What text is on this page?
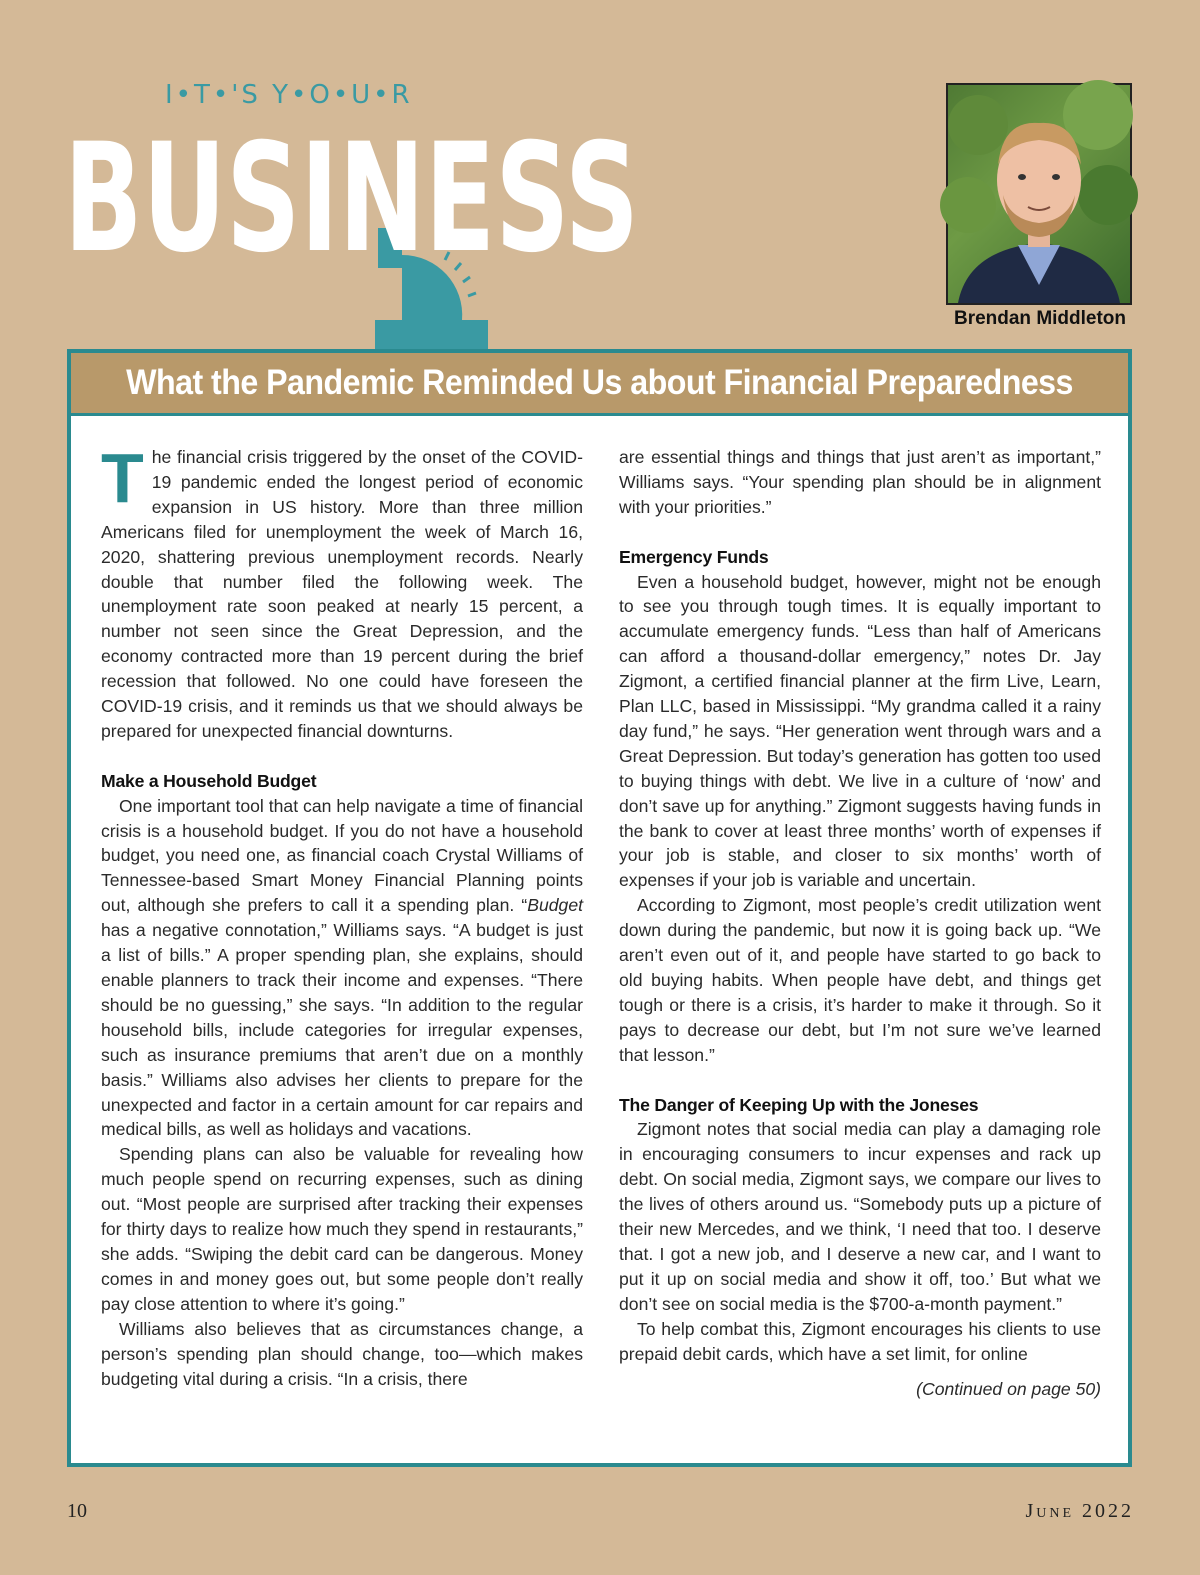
I•T•'S Y•O•U•R
BUSINESS
Brendan Middleton
What the Pandemic Reminded Us about Financial Preparedness

The financial crisis triggered by the onset of the COVID-19 pandemic ended the longest period of economic expansion in US history. More than three million Americans filed for unemployment the week of March 16, 2020, shattering previous unemployment records. Nearly double that number filed the following week. The unemployment rate soon peaked at nearly 15 percent, a number not seen since the Great Depression, and the economy contracted more than 19 percent during the brief recession that followed. No one could have foreseen the COVID-19 crisis, and it reminds us that we should always be prepared for unexpected financial downturns.

Make a Household Budget

One important tool that can help navigate a time of financial crisis is a household budget. If you do not have a household budget, you need one, as financial coach Crystal Williams of Tennessee-based Smart Money Financial Planning points out, although she prefers to call it a spending plan. “Budget has a negative connotation,” Williams says. “A budget is just a list of bills.” A proper spending plan, she explains, should enable planners to track their income and expenses. “There should be no guessing,” she says. “In addition to the regular household bills, include categories for irregular expenses, such as insurance premiums that aren’t due on a monthly basis.” Williams also advises her clients to prepare for the unexpected and factor in a certain amount for car repairs and medical bills, as well as holidays and vacations.

Spending plans can also be valuable for revealing how much people spend on recurring expenses, such as dining out. “Most people are surprised after tracking their expenses for thirty days to realize how much they spend in restaurants,” she adds. “Swiping the debit card can be dangerous. Money comes in and money goes out, but some people don’t really pay close attention to where it’s going.”

Williams also believes that as circumstances change, a person’s spending plan should change, too—which makes budgeting vital during a crisis. “In a crisis, there

are essential things and things that just aren’t as important,” Williams says. “Your spending plan should be in alignment with your priorities.”

Emergency Funds

Even a household budget, however, might not be enough to see you through tough times. It is equally important to accumulate emergency funds. “Less than half of Americans can afford a thousand-dollar emergency,” notes Dr. Jay Zigmont, a certified financial planner at the firm Live, Learn, Plan LLC, based in Mississippi. “My grandma called it a rainy day fund,” he says. “Her generation went through wars and a Great Depression. But today’s generation has gotten too used to buying things with debt. We live in a culture of ‘now’ and don’t save up for anything.” Zigmont suggests having funds in the bank to cover at least three months’ worth of expenses if your job is stable, and closer to six months’ worth of expenses if your job is variable and uncertain.

According to Zigmont, most people’s credit utilization went down during the pandemic, but now it is going back up. “We aren’t even out of it, and people have started to go back to old buying habits. When people have debt, and things get tough or there is a crisis, it’s harder to make it through. So it pays to decrease our debt, but I’m not sure we’ve learned that lesson.”

The Danger of Keeping Up with the Joneses

Zigmont notes that social media can play a damaging role in encouraging consumers to incur expenses and rack up debt. On social media, Zigmont says, we compare our lives to the lives of others around us. “Somebody puts up a picture of their new Mercedes, and we think, ‘I need that too. I deserve that. I got a new job, and I deserve a new car, and I want to put it up on social media and show it off, too.’ But what we don’t see on social media is the $700-a-month payment.”

To help combat this, Zigmont encourages his clients to use prepaid debit cards, which have a set limit, for online

(Continued on page 50)
10	June 2022
